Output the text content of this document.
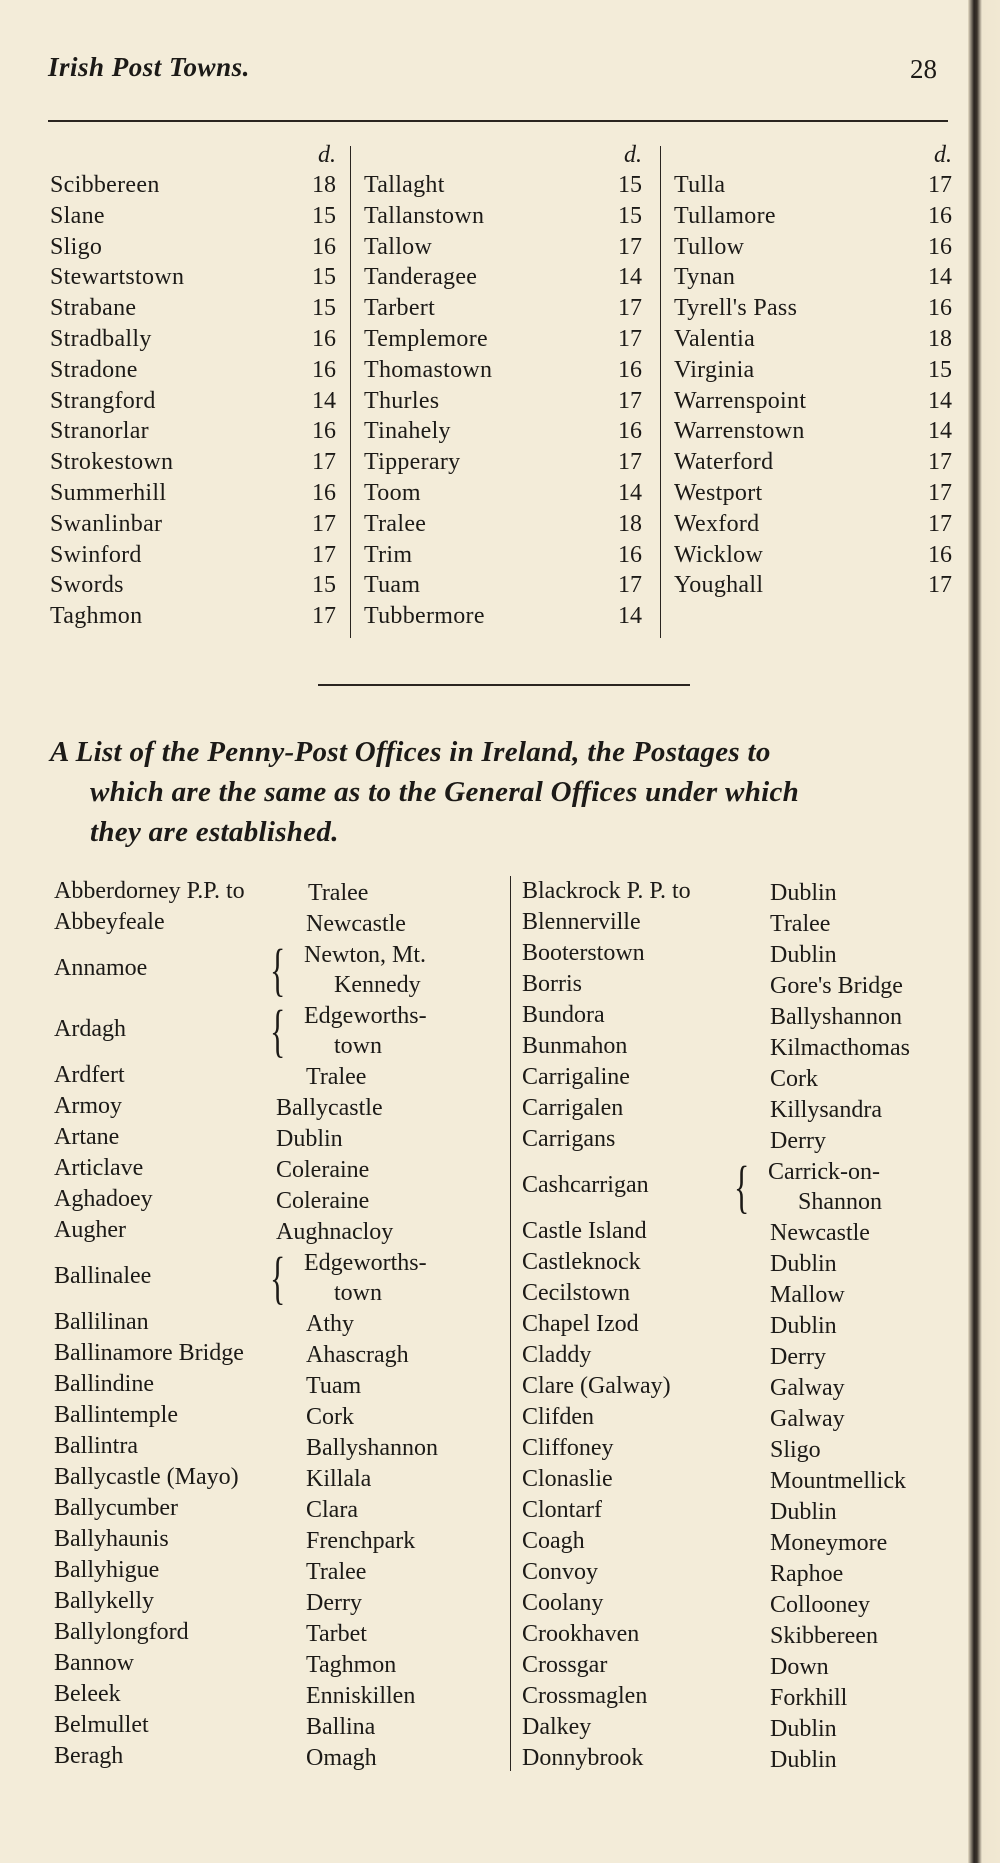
Irish Post Towns.	28
d.
Scibbereen	18
Slane	15
Sligo	16
Stewartstown	15
Strabane	15
Stradbally	16
Stradone	16
Strangford	14
Stranorlar	16
Strokestown	17
Summerhill	16
Swanlinbar	17
Swinford	17
Swords	15
Taghmon	17
d.
Tallaght	15
Tallanstown	15
Tallow	17
Tanderagee	14
Tarbert	17
Templemore	17
Thomastown	16
Thurles	17
Tinahely	16
Tipperary	17
Toom	14
Tralee	18
Trim	16
Tuam	17
Tubbermore	14
d.
Tulla	17
Tullamore	16
Tullow	16
Tynan	14
Tyrell's Pass	16
Valentia	18
Virginia	15
Warrenspoint	14
Warrenstown	14
Waterford	17
Westport	17
Wexford	17
Wicklow	16
Youghall	17
A List of the Penny-Post Offices in Ireland, the Postages to
which are the same as to the General Offices under which
they are established.
Abberdorney P.P. to	Tralee
Abbeyfeale	Newcastle
Annamoe { Newton, Mt.
Kennedy
Ardagh { Edgeworths-
town
Ardfert	Tralee
Armoy	Ballycastle
Artane	Dublin
Articlave	Coleraine
Aghadoey	Coleraine
Augher	Aughnacloy
Ballinalee { Edgeworths-
town
Ballilinan	Athy
Ballinamore Bridge	Ahascragh
Ballindine	Tuam
Ballintemple	Cork
Ballintra	Ballyshannon
Ballycastle (Mayo)	Killala
Ballycumber	Clara
Ballyhaunis	Frenchpark
Ballyhigue	Tralee
Ballykelly	Derry
Ballylongford	Tarbet
Bannow	Taghmon
Beleek	Enniskillen
Belmullet	Ballina
Beragh	Omagh
Blackrock P. P. to	Dublin
Blennerville	Tralee
Booterstown	Dublin
Borris	Gore's Bridge
Bundora	Ballyshannon
Bunmahon	Kilmacthomas
Carrigaline	Cork
Carrigalen	Killysandra
Carrigans	Derry
Cashcarrigan { Carrick-on-
Shannon
Castle Island	Newcastle
Castleknock	Dublin
Cecilstown	Mallow
Chapel Izod	Dublin
Claddy	Derry
Clare (Galway)	Galway
Clifden	Galway
Cliffoney	Sligo
Clonaslie	Mountmellick
Clontarf	Dublin
Coagh	Moneymore
Convoy	Raphoe
Coolany	Collooney
Crookhaven	Skibbereen
Crossgar	Down
Crossmaglen	Forkhill
Dalkey	Dublin
Donnybrook	Dublin
